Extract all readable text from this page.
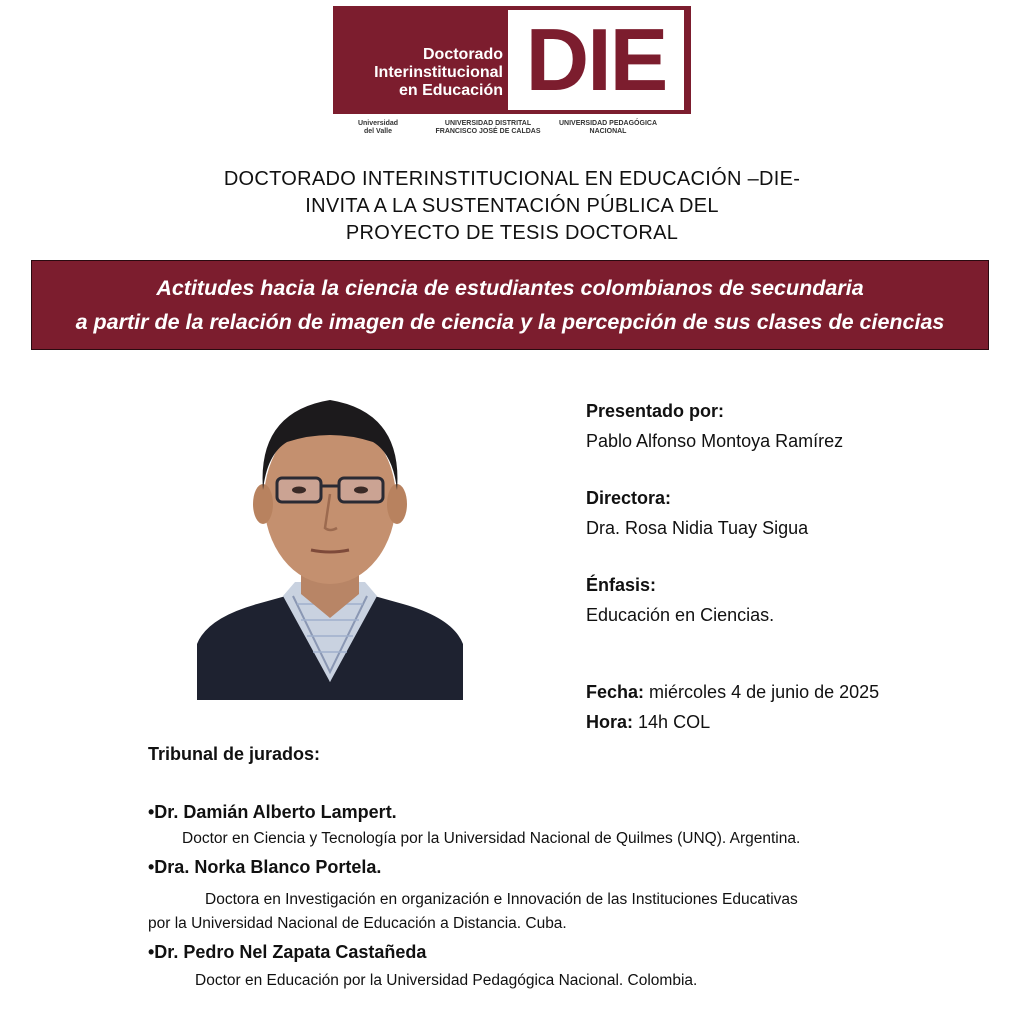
Doctorado
Interinstitucional
en Educación DIE
Universidad
del Valle
UNIVERSIDAD DISTRITAL
FRANCISCO JOSÉ DE CALDAS
UNIVERSIDAD PEDAGÓGICA
NACIONAL
DOCTORADO INTERINSTITUCIONAL EN EDUCACIÓN –DIE-
INVITA A LA SUSTENTACIÓN PÚBLICA DEL
PROYECTO DE TESIS DOCTORAL
Actitudes hacia la ciencia de estudiantes colombianos de secundaria
a partir de la relación de imagen de ciencia y la percepción de sus clases de ciencias
Presentado por:
Pablo Alfonso Montoya Ramírez
Directora:
Dra. Rosa Nidia Tuay Sigua
Énfasis:
Educación en Ciencias.
Fecha: miércoles 4 de junio de 2025
Hora: 14h COL
Tribunal de jurados:
•Dr. Damián Alberto Lampert.
Doctor en Ciencia y Tecnología por la Universidad Nacional de Quilmes (UNQ). Argentina.
•Dra. Norka Blanco Portela.
Doctora en Investigación en organización e Innovación de las Instituciones Educativas
por la Universidad Nacional de Educación a Distancia. Cuba.
•Dr. Pedro Nel Zapata Castañeda
Doctor en Educación por la Universidad Pedagógica Nacional. Colombia.
